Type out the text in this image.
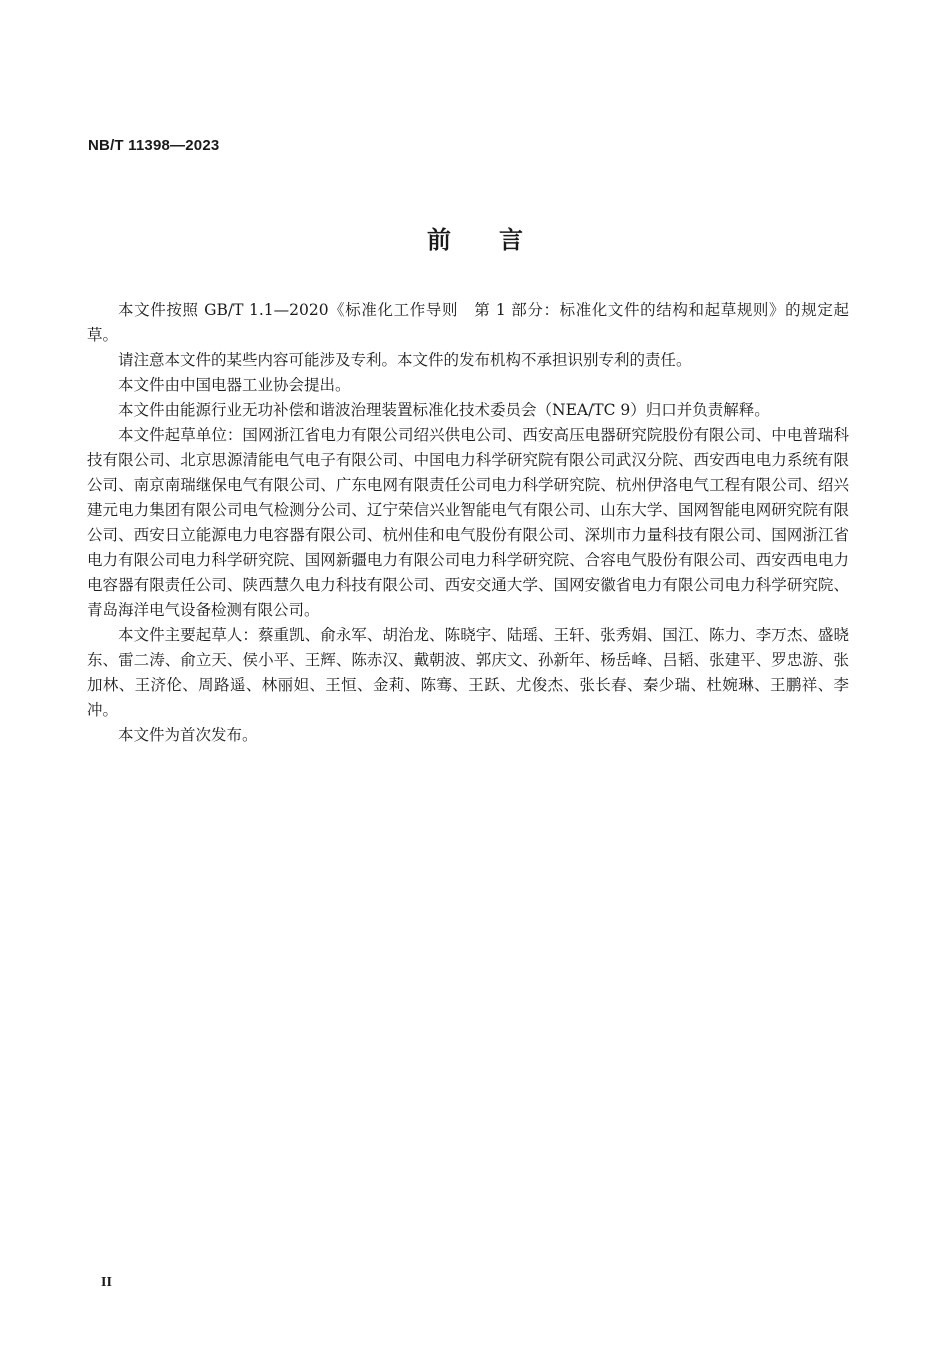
NB/T 11398—2023
前言

本文件按照 GB/T 1.1—2020《标准化工作导则　第 1 部分：标准化文件的结构和起草规则》的规定起草。

请注意本文件的某些内容可能涉及专利。本文件的发布机构不承担识别专利的责任。

本文件由中国电器工业协会提出。

本文件由能源行业无功补偿和谐波治理装置标准化技术委员会（NEA/TC 9）归口并负责解释。

本文件起草单位：国网浙江省电力有限公司绍兴供电公司、西安高压电器研究院股份有限公司、中电普瑞科技有限公司、北京思源清能电气电子有限公司、中国电力科学研究院有限公司武汉分院、西安西电电力系统有限公司、南京南瑞继保电气有限公司、广东电网有限责任公司电力科学研究院、杭州伊洛电气工程有限公司、绍兴建元电力集团有限公司电气检测分公司、辽宁荣信兴业智能电气有限公司、山东大学、国网智能电网研究院有限公司、西安日立能源电力电容器有限公司、杭州佳和电气股份有限公司、深圳市力量科技有限公司、国网浙江省电力有限公司电力科学研究院、国网新疆电力有限公司电力科学研究院、合容电气股份有限公司、西安西电电力电容器有限责任公司、陕西慧久电力科技有限公司、西安交通大学、国网安徽省电力有限公司电力科学研究院、青岛海洋电气设备检测有限公司。

本文件主要起草人：蔡重凯、俞永军、胡治龙、陈晓宇、陆瑶、王轩、张秀娟、国江、陈力、李万杰、盛晓东、雷二涛、俞立天、侯小平、王辉、陈赤汉、戴朝波、郭庆文、孙新年、杨岳峰、吕韬、张建平、罗忠游、张加林、王济伦、周路遥、林丽妲、王恒、金莉、陈骞、王跃、尤俊杰、张长春、秦少瑞、杜婉琳、王鹏祥、李冲。

本文件为首次发布。

II
